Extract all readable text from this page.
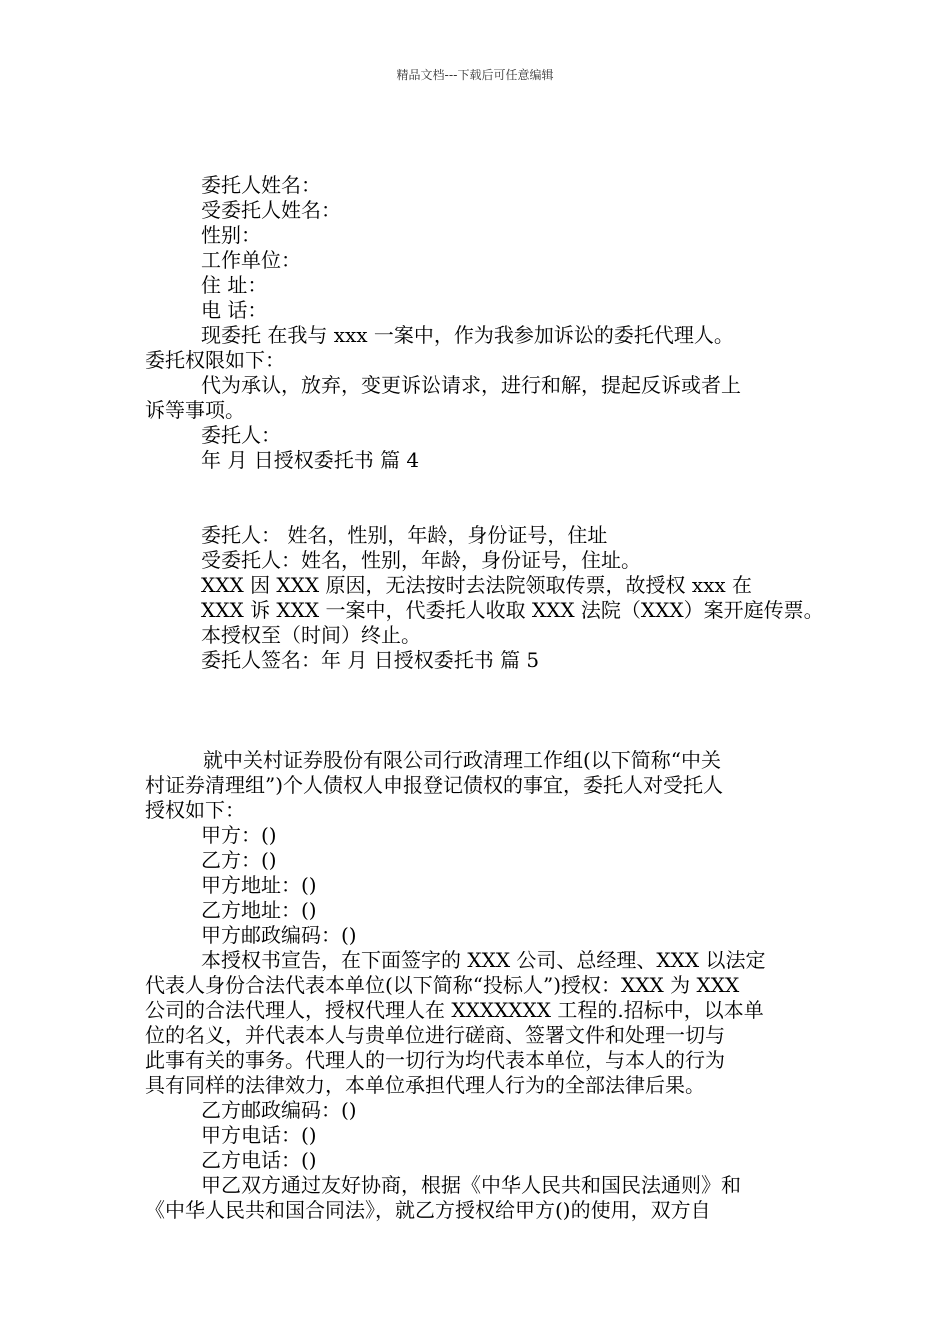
精品文档---下载后可任意编辑
委托人姓名：
受委托人姓名：
性别：
工作单位：
住 址：
电 话：
现委托 在我与 xxx 一案中，作为我参加诉讼的委托代理人。
委托权限如下：
代为承认，放弃，变更诉讼请求，进行和解，提起反诉或者上
诉等事项。
委托人：
年 月 日授权委托书 篇 4
委托人： 姓名，性别，年龄，身份证号，住址
受委托人：姓名，性别，年龄，身份证号，住址。
XXX 因 XXX 原因，无法按时去法院领取传票，故授权 xxx 在
XXX 诉 XXX 一案中，代委托人收取 XXX 法院（XXX）案开庭传票。
本授权至（时间）终止。
委托人签名：年 月 日授权委托书 篇 5
就中关村证券股份有限公司行政清理工作组(以下简称“中关
村证券清理组”)个人债权人申报登记债权的事宜，委托人对受托人
授权如下：
甲方：()
乙方：()
甲方地址：()
乙方地址：()
甲方邮政编码：()
本授权书宣告，在下面签字的 XXX 公司、总经理、XXX 以法定
代表人身份合法代表本单位(以下简称“投标人”)授权：XXX 为 XXX
公司的合法代理人，授权代理人在 XXXXXXX 工程的.招标中，以本单
位的名义，并代表本人与贵单位进行磋商、签署文件和处理一切与
此事有关的事务。代理人的一切行为均代表本单位，与本人的行为
具有同样的法律效力，本单位承担代理人行为的全部法律后果。
乙方邮政编码：()
甲方电话：()
乙方电话：()
甲乙双方通过友好协商，根据《中华人民共和国民法通则》和
《中华人民共和国合同法》，就乙方授权给甲方()的使用，双方自
